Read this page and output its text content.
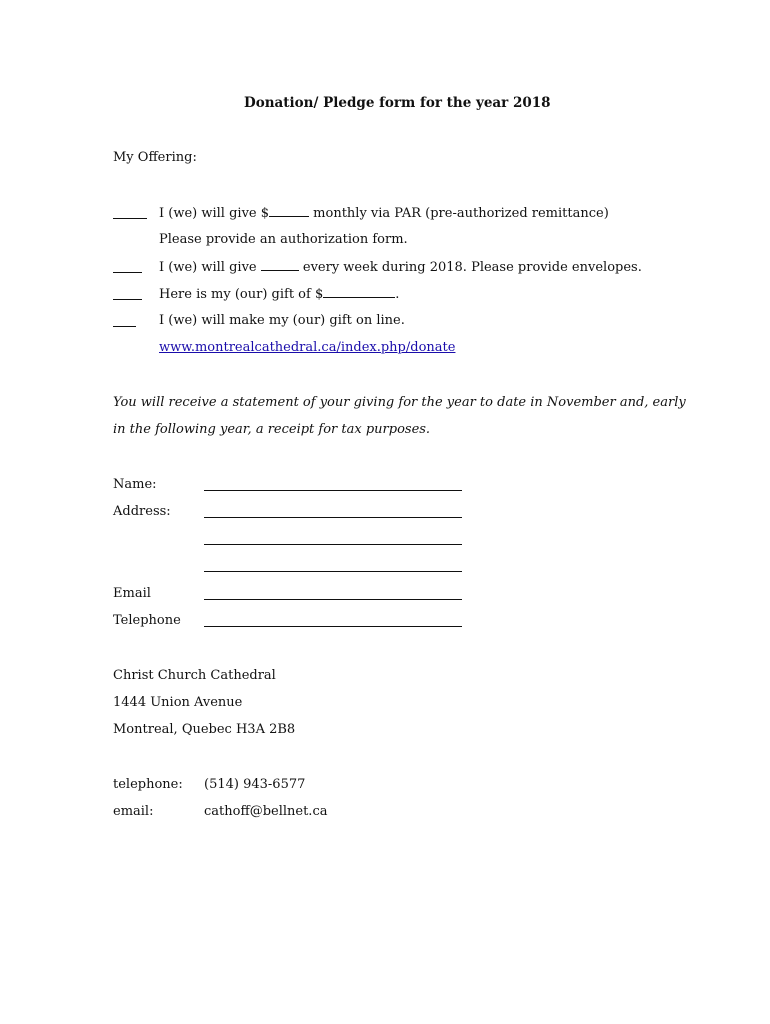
Donation/ Pledge form for the year 2018
My Offering:
I (we) will give $	monthly via PAR (pre-authorized remittance)
Please provide an authorization form.
I (we) will give	every week during 2018. Please provide envelopes.
Here is my (our) gift of $	.
I (we) will make my (our) gift on line.
www.montrealcathedral.ca/index.php/donate
You will receive a statement of your giving for the year to date in November and, early
in the following year, a receipt for tax purposes.
Name:
Address:
Email
Telephone
Christ Church Cathedral
1444 Union Avenue
Montreal, Quebec H3A 2B8
telephone: (514) 943-6577
email:	cathoff@bellnet.ca
